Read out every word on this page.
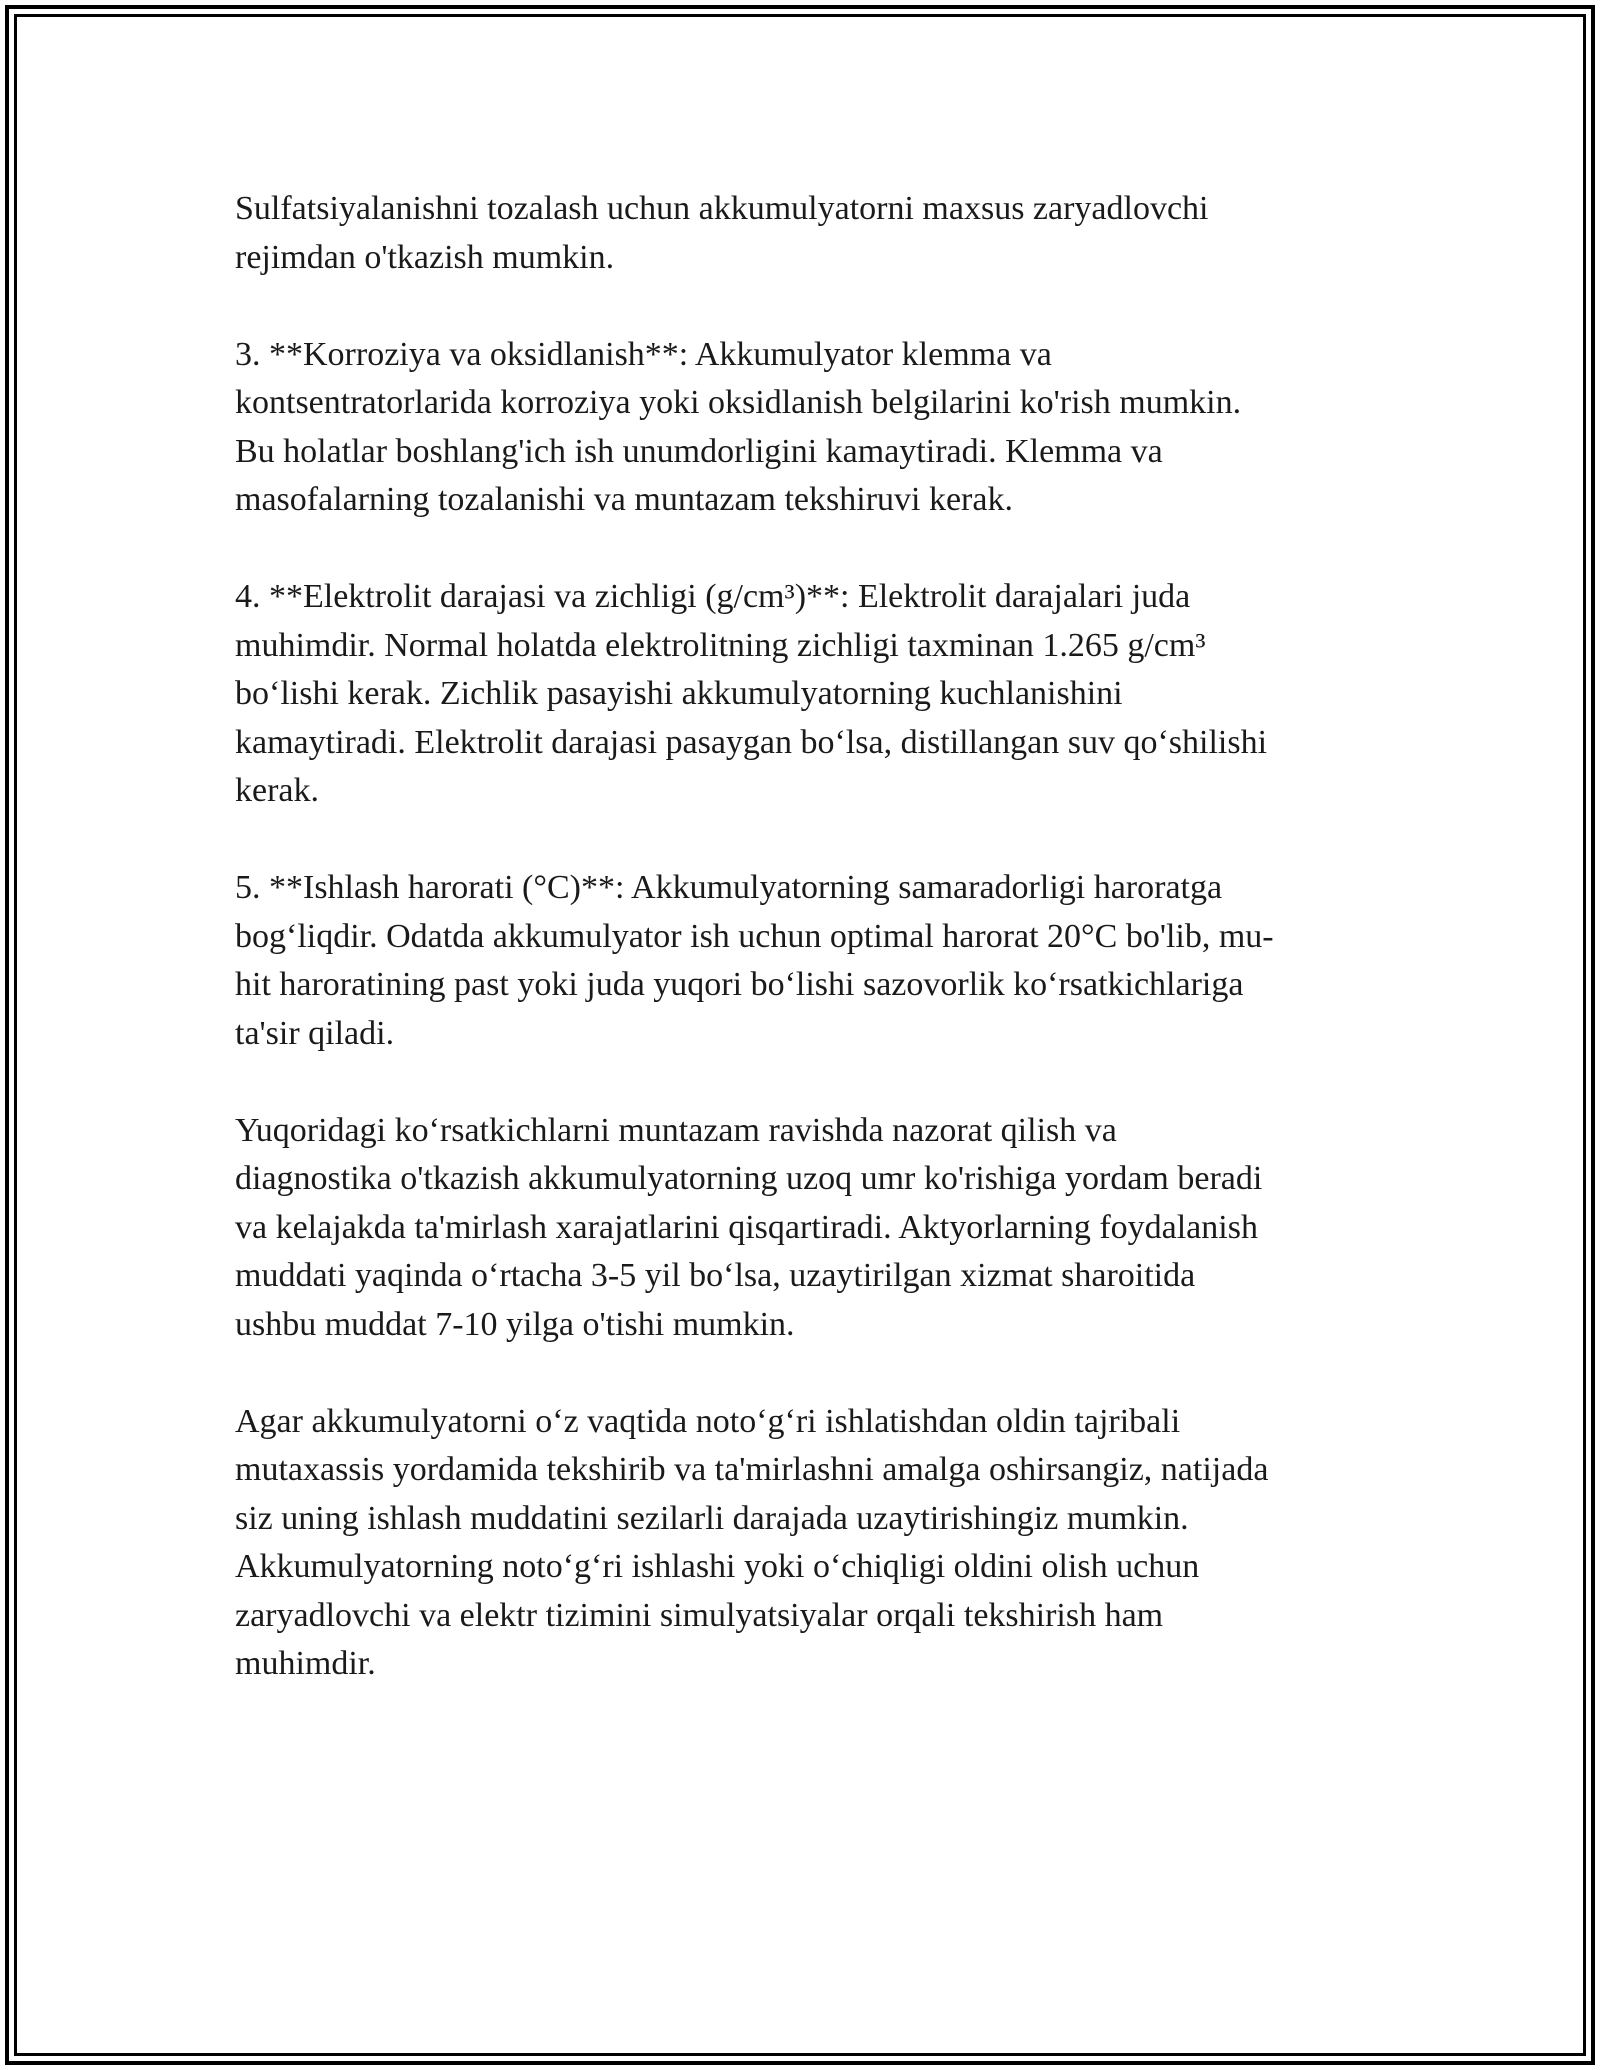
Sulfatsiyalanishni tozalash uchun akkumulyatorni maxsus zaryadlovchi
rejimdan o'tkazish mumkin.

3. **Korroziya va oksidlanish**: Akkumulyator klemma va
kontsentratorlarida korroziya yoki oksidlanish belgilarini ko'rish mumkin.
Bu holatlar boshlang'ich ish unumdorligini kamaytiradi. Klemma va
masofalarning tozalanishi va muntazam tekshiruvi kerak.

4. **Elektrolit darajasi va zichligi (g/cm³)**: Elektrolit darajalari juda
muhimdir. Normal holatda elektrolitning zichligi taxminan 1.265 g/cm³
boʻlishi kerak. Zichlik pasayishi akkumulyatorning kuchlanishini
kamaytiradi. Elektrolit darajasi pasaygan boʻlsa, distillangan suv qoʻshilishi
kerak.

5. **Ishlash harorati (°C)**: Akkumulyatorning samaradorligi haroratga
bogʻliqdir. Odatda akkumulyator ish uchun optimal harorat 20°C bo'lib, mu-
hit haroratining past yoki juda yuqori boʻlishi sazovorlik koʻrsatkichlariga
ta'sir qiladi.

Yuqoridagi koʻrsatkichlarni muntazam ravishda nazorat qilish va
diagnostika o'tkazish akkumulyatorning uzoq umr ko'rishiga yordam beradi
va kelajakda ta'mirlash xarajatlarini qisqartiradi. Aktyorlarning foydalanish
muddati yaqinda oʻrtacha 3-5 yil boʻlsa, uzaytirilgan xizmat sharoitida
ushbu muddat 7-10 yilga o'tishi mumkin.

Agar akkumulyatorni oʻz vaqtida notoʻgʻri ishlatishdan oldin tajribali
mutaxassis yordamida tekshirib va ta'mirlashni amalga oshirsangiz, natijada
siz uning ishlash muddatini sezilarli darajada uzaytirishingiz mumkin.
Akkumulyatorning notoʻgʻri ishlashi yoki oʻchiqligi oldini olish uchun
zaryadlovchi va elektr tizimini simulyatsiyalar orqali tekshirish ham
muhimdir.
